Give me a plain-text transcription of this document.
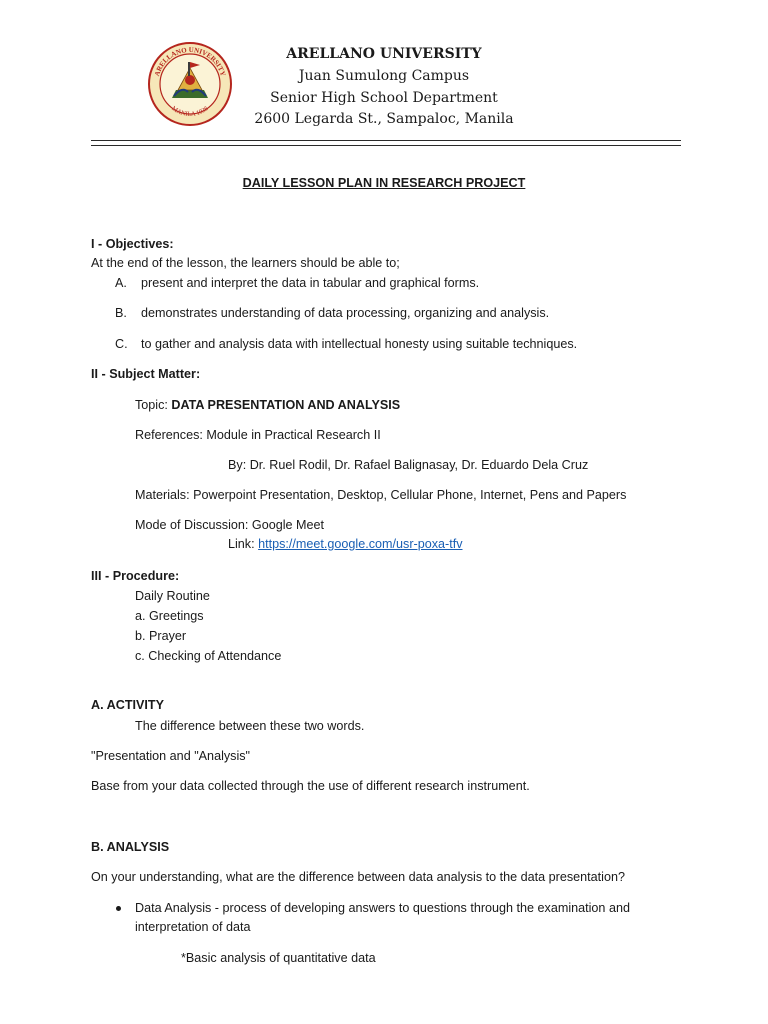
ARELLANO UNIVERSITY
MANILA 1938
ARELLANO UNIVERSITY
Juan Sumulong Campus
Senior High School Department
2600 Legarda St., Sampaloc, Manila
DAILY LESSON PLAN IN RESEARCH PROJECT
I - Objectives:
At the end of the lesson, the learners should be able to;
A. present and interpret the data in tabular and graphical forms.
B. demonstrates understanding of data processing, organizing and analysis.
C. to gather and analysis data with intellectual honesty using suitable techniques.
II - Subject Matter:
Topic: DATA PRESENTATION AND ANALYSIS
References: Module in Practical Research II
By: Dr. Ruel Rodil, Dr. Rafael Balignasay, Dr. Eduardo Dela Cruz
Materials: Powerpoint Presentation, Desktop, Cellular Phone, Internet, Pens and Papers
Mode of Discussion: Google Meet
Link: https://meet.google.com/usr-poxa-tfv
III - Procedure:
Daily Routine
a. Greetings
b. Prayer
c. Checking of Attendance
A. ACTIVITY
The difference between these two words.
"Presentation and "Analysis"
Base from your data collected through the use of different research instrument.
B. ANALYSIS
On your understanding, what are the difference between data analysis to the data presentation?
Data Analysis - process of developing answers to questions through the examination and
interpretation of data
*Basic analysis of quantitative data
